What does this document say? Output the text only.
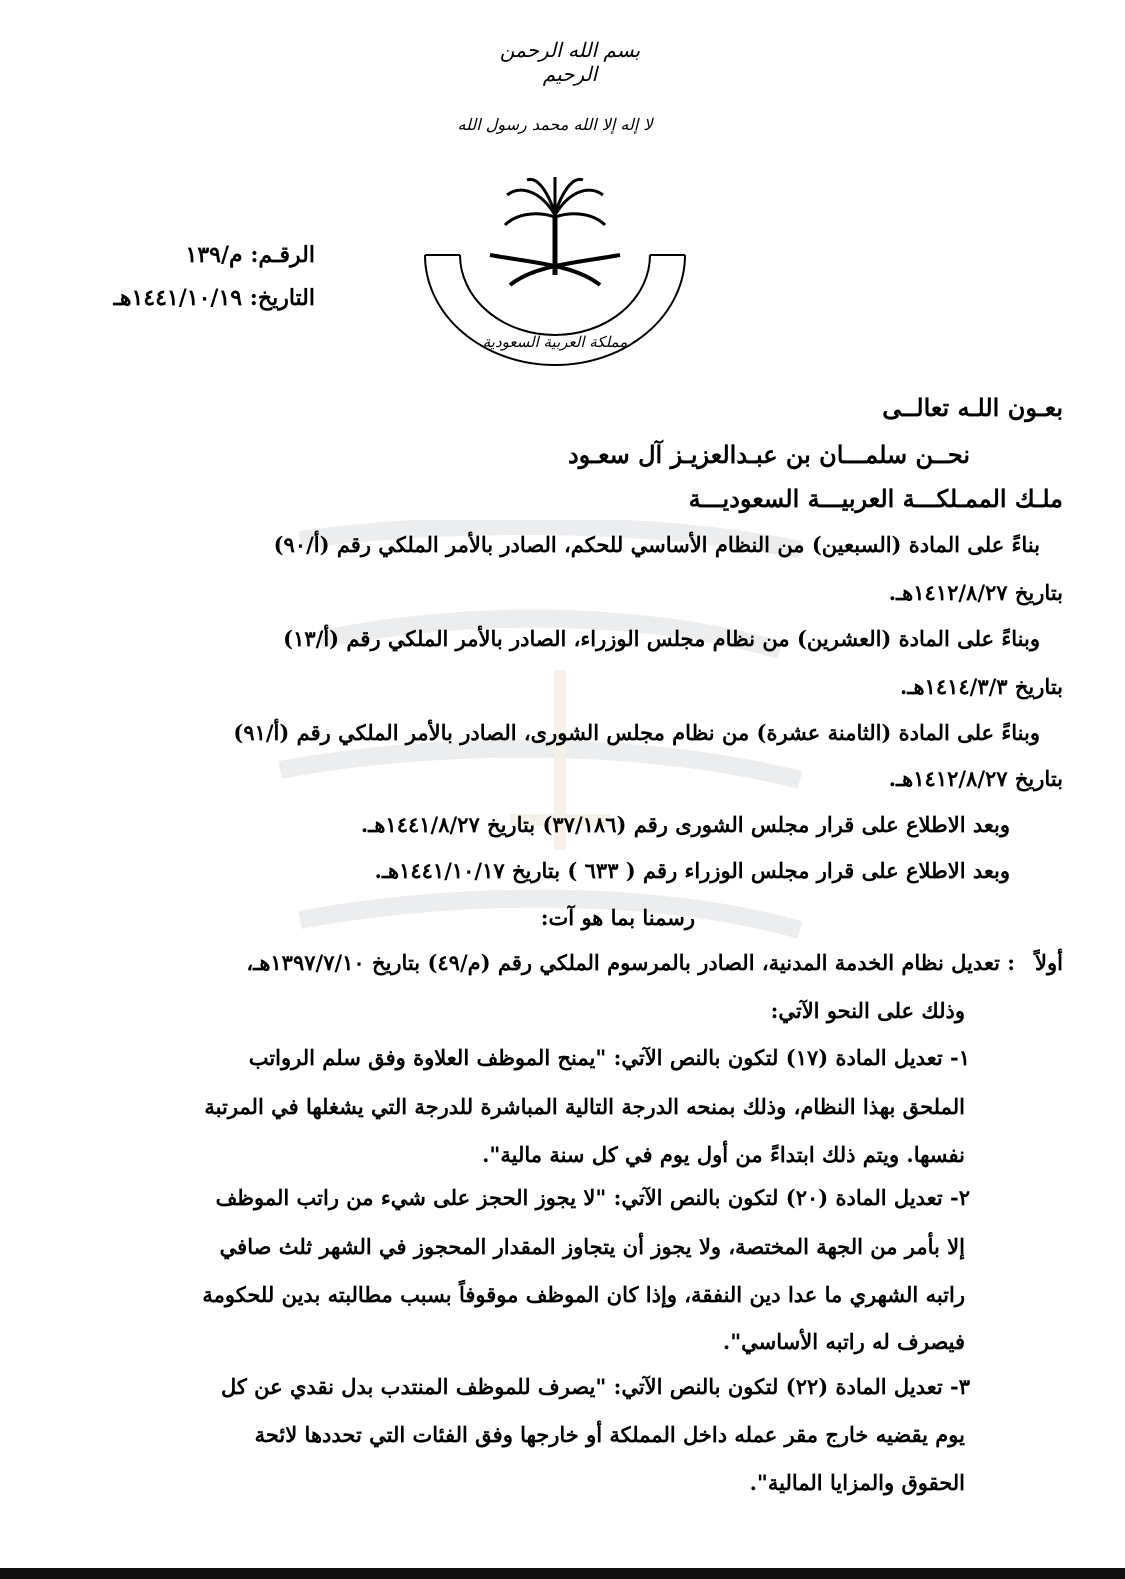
بسم الله الرحمن الرحيم
لا إله إلا الله محمد رسول الله
مملكة العربية السعودية
الرقـم: م/١٣٩
التاريخ: ١٤٤١/١٠/١٩هـ
بعـون اللـه تعالــى
نحــن سلمـــان بن عبـدالعزيـز آل سعـود
ملـك الممـلكـــة العربيـــة السعوديـــة
بناءً على المادة (السبعين) من النظام الأساسي للحكم، الصادر بالأمر الملكي رقم (أ/٩٠)
بتاريخ ١٤١٢/٨/٢٧هـ.
وبناءً على المادة (العشرين) من نظام مجلس الوزراء، الصادر بالأمر الملكي رقم (أ/١٣)
بتاريخ ١٤١٤/٣/٣هـ.
وبناءً على المادة (الثامنة عشرة) من نظام مجلس الشورى، الصادر بالأمر الملكي رقم (أ/٩١)
بتاريخ ١٤١٢/٨/٢٧هـ.
وبعد الاطلاع على قرار مجلس الشورى رقم (٣٧/١٨٦) بتاريخ ١٤٤١/٨/٢٧هـ.
وبعد الاطلاع على قرار مجلس الوزراء رقم ( ٦٣٣ ) بتاريخ ١٤٤١/١٠/١٧هـ.
رسمنا بما هو آت:
أولاً
: تعديل نظام الخدمة المدنية، الصادر بالمرسوم الملكي رقم (م/٤٩) بتاريخ ١٣٩٧/٧/١٠هـ،
وذلك على النحو الآتي:
١- تعديل المادة (١٧) لتكون بالنص الآتي: "يمنح الموظف العلاوة وفق سلم الرواتب
الملحق بهذا النظام، وذلك بمنحه الدرجة التالية المباشرة للدرجة التي يشغلها في المرتبة
نفسها. ويتم ذلك ابتداءً من أول يوم في كل سنة مالية".
٢- تعديل المادة (٢٠) لتكون بالنص الآتي: "لا يجوز الحجز على شيء من راتب الموظف
إلا بأمر من الجهة المختصة، ولا يجوز أن يتجاوز المقدار المحجوز في الشهر ثلث صافي
راتبه الشهري ما عدا دين النفقة، وإذا كان الموظف موقوفاً بسبب مطالبته بدين للحكومة
فيصرف له راتبه الأساسي".
٣- تعديل المادة (٢٢) لتكون بالنص الآتي: "يصرف للموظف المنتدب بدل نقدي عن كل
يوم يقضيه خارج مقر عمله داخل المملكة أو خارجها وفق الفئات التي تحددها لائحة
الحقوق والمزايا المالية".
